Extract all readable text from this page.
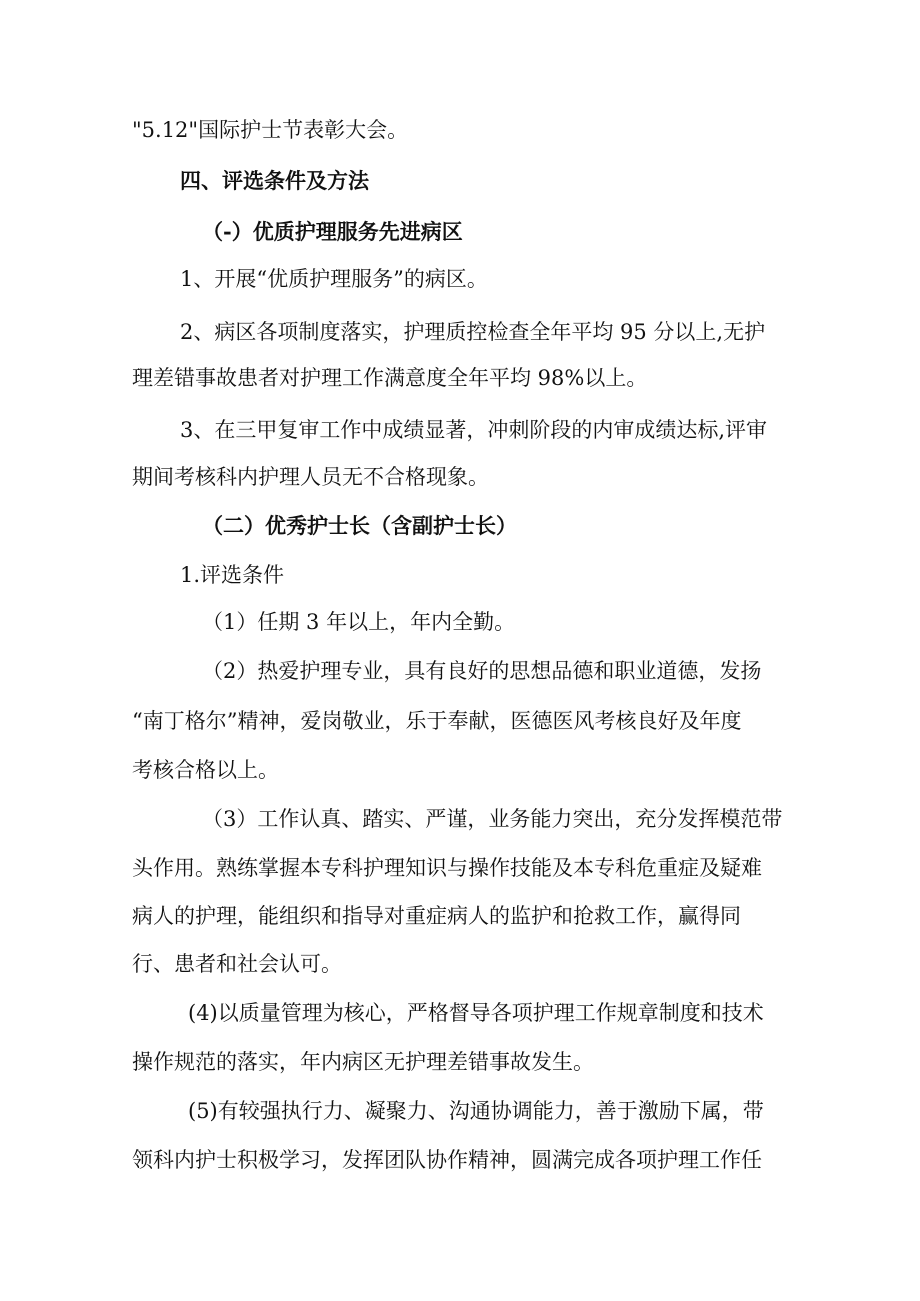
"5.12"国际护士节表彰大会。

四、评选条件及方法

（-）优质护理服务先进病区

1、开展“优质护理服务”的病区。

2、病区各项制度落实，护理质控检查全年平均 95 分以上,无护

理差错事故患者对护理工作满意度全年平均 98%以上。

3、在三甲复审工作中成绩显著，冲刺阶段的内审成绩达标,评审

期间考核科内护理人员无不合格现象。

（二）优秀护士长（含副护士长）

1.评选条件

（1）任期 3 年以上，年内全勤。

（2）热爱护理专业，具有良好的思想品德和职业道德，发扬

“南丁格尔”精神，爱岗敬业，乐于奉献，医德医风考核良好及年度

考核合格以上。

（3）工作认真、踏实、严谨，业务能力突出，充分发挥模范带

头作用。熟练掌握本专科护理知识与操作技能及本专科危重症及疑难

病人的护理，能组织和指导对重症病人的监护和抢救工作，赢得同

行、患者和社会认可。

(4)以质量管理为核心，严格督导各项护理工作规章制度和技术

操作规范的落实，年内病区无护理差错事故发生。

(5)有较强执行力、凝聚力、沟通协调能力，善于激励下属，带

领科内护士积极学习，发挥团队协作精神，圆满完成各项护理工作任
